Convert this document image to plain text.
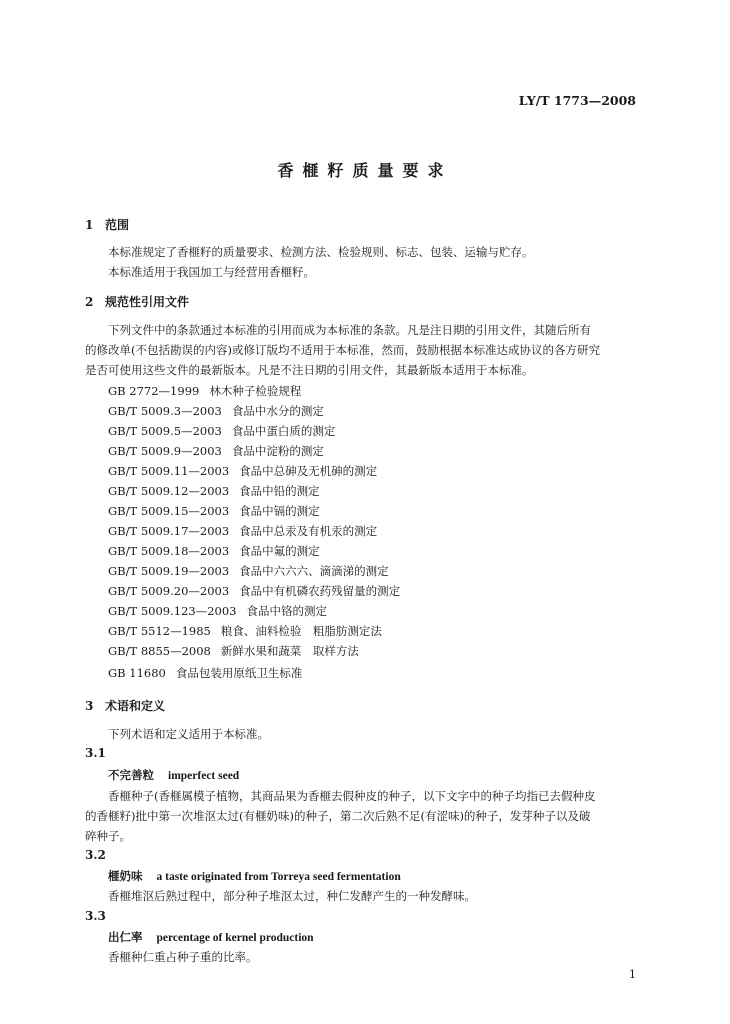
LY/T 1773—2008
香榧籽质量要求
1 范围
本标准规定了香榧籽的质量要求、检测方法、检验规则、标志、包装、运输与贮存。
本标准适用于我国加工与经营用香榧籽。
2 规范性引用文件
下列文件中的条款通过本标准的引用而成为本标准的条款。凡是注日期的引用文件，其随后所有
的修改单(不包括勘误的内容)或修订版均不适用于本标准，然而，鼓励根据本标准达成协议的各方研究
是否可使用这些文件的最新版本。凡是不注日期的引用文件，其最新版本适用于本标准。
GB 2772—1999 林木种子检验规程
GB/T 5009.3—2003 食品中水分的测定
GB/T 5009.5—2003 食品中蛋白质的测定
GB/T 5009.9—2003 食品中淀粉的测定
GB/T 5009.11—2003 食品中总砷及无机砷的测定
GB/T 5009.12—2003 食品中铅的测定
GB/T 5009.15—2003 食品中镉的测定
GB/T 5009.17—2003 食品中总汞及有机汞的测定
GB/T 5009.18—2003 食品中氟的测定
GB/T 5009.19—2003 食品中六六六、滴滴涕的测定
GB/T 5009.20—2003 食品中有机磷农药残留量的测定
GB/T 5009.123—2003 食品中铬的测定
GB/T 5512—1985 粮食、油料检验　粗脂肪测定法
GB/T 8855—2008 新鲜水果和蔬菜　取样方法
GB 11680 食品包装用原纸卫生标准
3 术语和定义
下列术语和定义适用于本标准。
3.1
不完善粒 imperfect seed
香榧种子(香榧属模子植物，其商品果为香榧去假种皮的种子，以下文字中的种子均指已去假种皮
的香榧籽)批中第一次堆沤太过(有榧奶味)的种子，第二次后熟不足(有涩味)的种子，发芽种子以及破
碎种子。
3.2
榧奶味 a taste originated from Torreya seed fermentation
香榧堆沤后熟过程中，部分种子堆沤太过，种仁发酵产生的一种发酵味。
3.3
出仁率 percentage of kernel production
香榧种仁重占种子重的比率。
1
